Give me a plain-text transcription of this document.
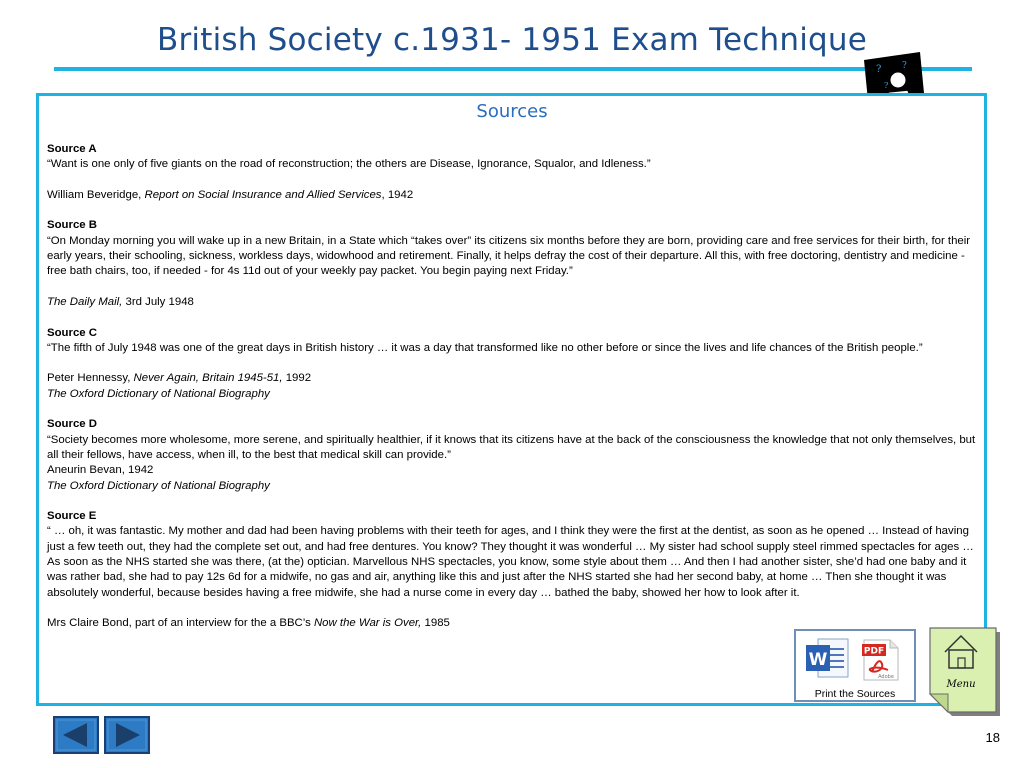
British Society c.1931- 1951 Exam Technique
? ?
?
Sources

Source A

“Want is one only of five giants on the road of reconstruction; the others are Disease, Ignorance, Squalor, and Idleness.”

William Beveridge, Report on Social Insurance and Allied Services, 1942

Source B

“On Monday morning you will wake up in a new Britain, in a State which “takes over” its citizens six months before they are born, providing care and free services for their birth, for their early years, their schooling, sickness, workless days, widowhood and retirement. Finally, it helps defray the cost of their departure. All this, with free doctoring, dentistry and medicine - free bath chairs, too, if needed - for 4s 11d out of your weekly pay packet. You begin paying next Friday.”

The Daily Mail, 3rd July 1948

Source C

“The fifth of July 1948 was one of the great days in British history … it was a day that transformed like no other before or since the lives and life chances of the British people.”

Peter Hennessy, Never Again, Britain 1945-51, 1992

The Oxford Dictionary of National Biography

Source D

“Society becomes more wholesome, more serene, and spiritually healthier, if it knows that its citizens have at the back of the consciousness the knowledge that not only themselves, but all their fellows, have access, when ill, to the best that medical skill can provide.”

Aneurin Bevan, 1942

The Oxford Dictionary of National Biography

Source E

“ … oh, it was fantastic. My mother and dad had been having problems with their teeth for ages, and I think they were the first at the dentist, as soon as he opened … Instead of having just a few teeth out, they had the complete set out, and had free dentures. You know? They thought it was wonderful … My sister had school supply steel rimmed spectacles for ages … As soon as the NHS started she was there, (at the) optician. Marvellous NHS spectacles, you know, some style about them … And then I had another sister, she’d had one baby and it was rather bad, she had to pay 12s 6d for a midwife, no gas and air, anything like this and just after the NHS started she had her second baby, at home … Then she thought it was absolutely wonderful, because besides having a free midwife, she had a nurse come in every day … bathed the baby, showed her how to look after it.

Mrs Claire Bond, part of an interview for the a BBC’s Now the War is Over, 1985

W	PDF
Adobe
Print the Sources
Menu
18
